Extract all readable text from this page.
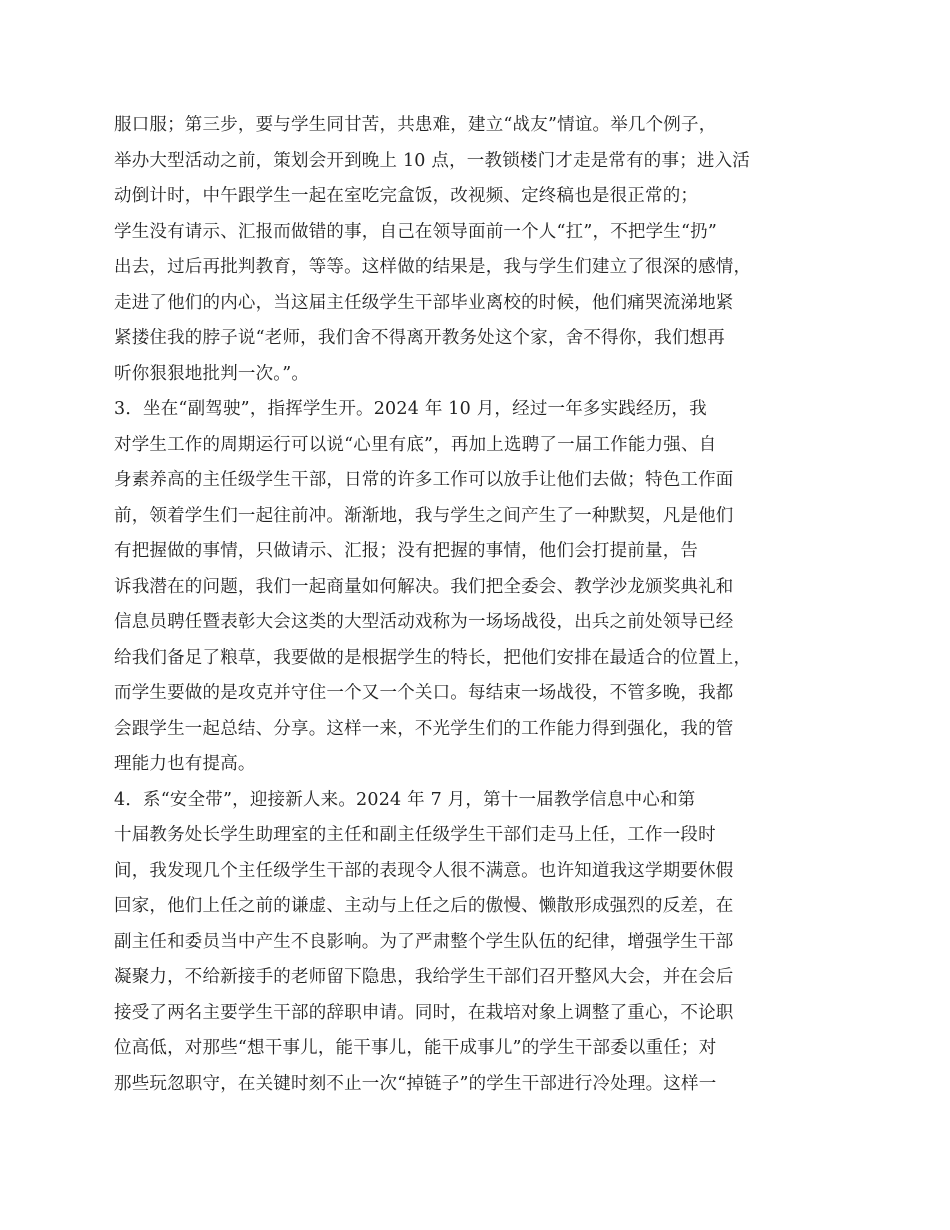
服口服；第三步，要与学生同甘苦，共患难，建立“战友”情谊。举几个例子，
举办大型活动之前，策划会开到晚上 10 点，一教锁楼门才走是常有的事；进入活
动倒计时，中午跟学生一起在室吃完盒饭，改视频、定终稿也是很正常的；
学生没有请示、汇报而做错的事，自己在领导面前一个人“扛”，不把学生“扔”
出去，过后再批判教育，等等。这样做的结果是，我与学生们建立了很深的感情，
走进了他们的内心，当这届主任级学生干部毕业离校的时候，他们痛哭流涕地紧
紧搂住我的脖子说“老师，我们舍不得离开教务处这个家，舍不得你，我们想再
听你狠狠地批判一次。”。
3．坐在“副驾驶”，指挥学生开。2024 年 10 月，经过一年多实践经历，我
对学生工作的周期运行可以说“心里有底”，再加上选聘了一届工作能力强、自
身素养高的主任级学生干部，日常的许多工作可以放手让他们去做；特色工作面
前，领着学生们一起往前冲。渐渐地，我与学生之间产生了一种默契，凡是他们
有把握做的事情，只做请示、汇报；没有把握的事情，他们会打提前量，告
诉我潜在的问题，我们一起商量如何解决。我们把全委会、教学沙龙颁奖典礼和
信息员聘任暨表彰大会这类的大型活动戏称为一场场战役，出兵之前处领导已经
给我们备足了粮草，我要做的是根据学生的特长，把他们安排在最适合的位置上，
而学生要做的是攻克并守住一个又一个关口。每结束一场战役，不管多晚，我都
会跟学生一起总结、分享。这样一来，不光学生们的工作能力得到强化，我的管
理能力也有提高。
4．系“安全带”，迎接新人来。2024 年 7 月，第十一届教学信息中心和第
十届教务处长学生助理室的主任和副主任级学生干部们走马上任，工作一段时
间，我发现几个主任级学生干部的表现令人很不满意。也许知道我这学期要休假
回家，他们上任之前的谦虚、主动与上任之后的傲慢、懒散形成强烈的反差，在
副主任和委员当中产生不良影响。为了严肃整个学生队伍的纪律，增强学生干部
凝聚力，不给新接手的老师留下隐患，我给学生干部们召开整风大会，并在会后
接受了两名主要学生干部的辞职申请。同时，在栽培对象上调整了重心，不论职
位高低，对那些“想干事儿，能干事儿，能干成事儿”的学生干部委以重任；对
那些玩忽职守，在关键时刻不止一次“掉链子”的学生干部进行冷处理。这样一
